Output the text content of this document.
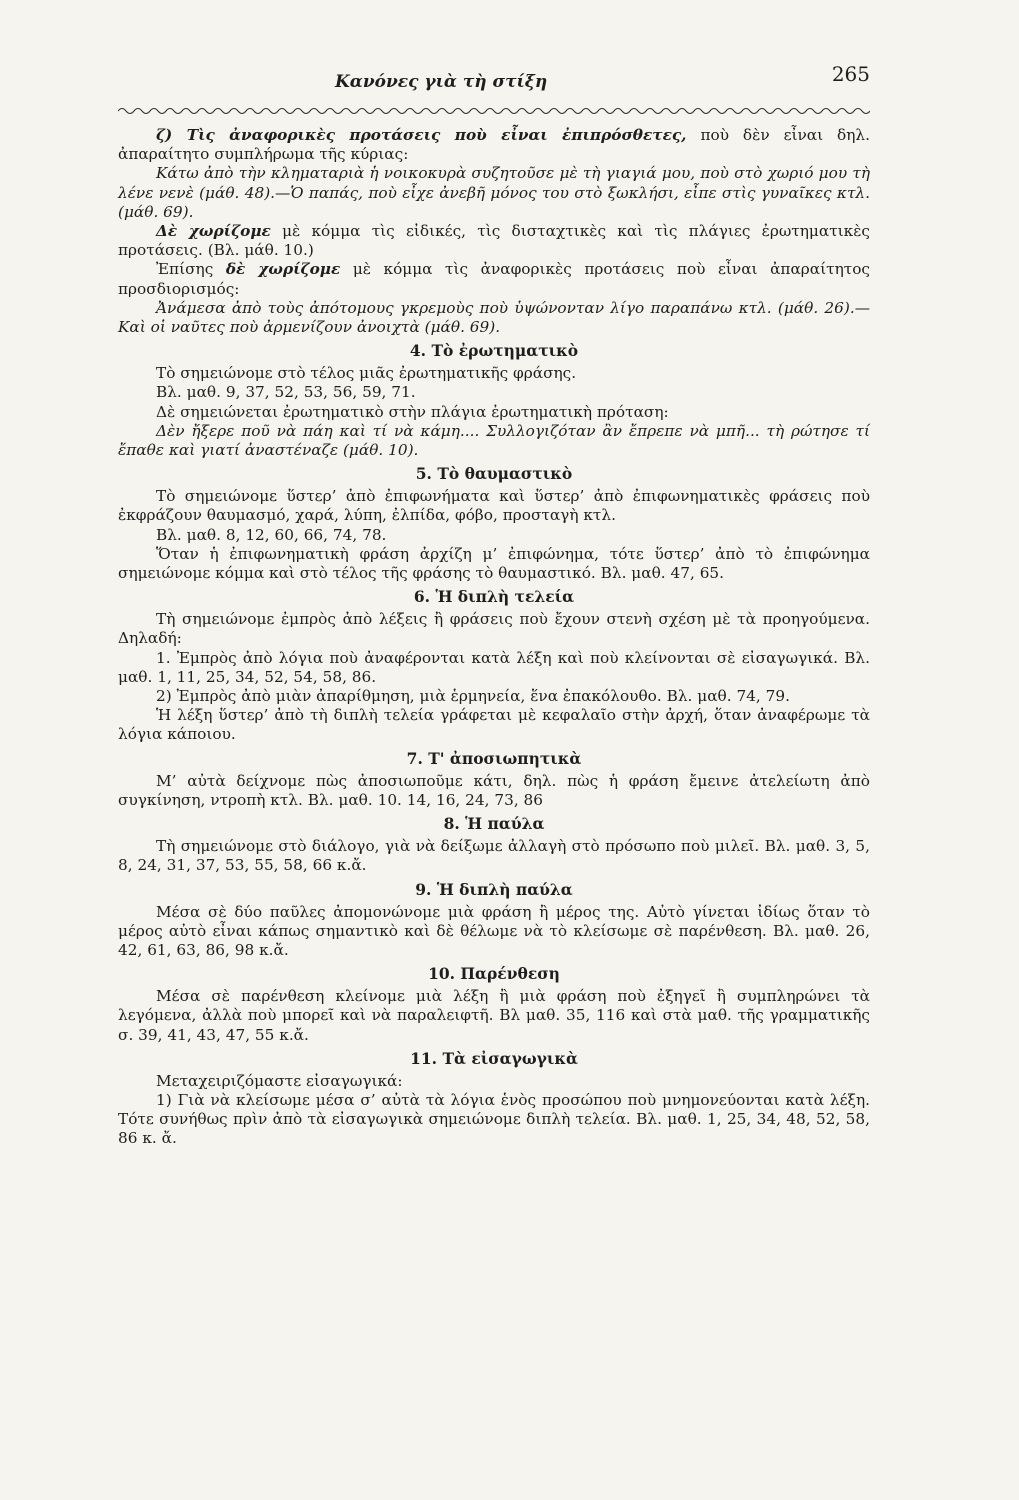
Κανόνες γιὰ τὴ στίξη	265

ζ) Τὶς ἀναφορικὲς προτάσεις ποὺ εἶναι ἐπιπρόσθετες, ποὺ δὲν εἶναι δηλ. ἀπαραίτητο συμπλήρωμα τῆς κύριας:

Κάτω ἀπὸ τὴν κληματαριὰ ἡ νοικοκυρὰ συζητοῦσε μὲ τὴ γιαγιά μου, ποὺ στὸ χωριό μου τὴ λένε νενὲ (μάθ. 48).—Ὁ παπάς, ποὺ εἶχε ἀνεβῆ μόνος του στὸ ξωκλήσι, εἶπε στὶς γυναῖκες κτλ. (μάθ. 69).

Δὲ χωρίζομε μὲ κόμμα τὶς εἰδικές, τὶς δισταχτικὲς καὶ τὶς πλάγιες ἐρωτηματικὲς προτάσεις. (Βλ. μάθ. 10.)

Ἐπίσης δὲ χωρίζομε μὲ κόμμα τὶς ἀναφορικὲς προτάσεις ποὺ εἶναι ἀπαραίτητος προσδιορισμός:

Ἀνάμεσα ἀπὸ τοὺς ἀπότομους γκρεμοὺς ποὺ ὑψώνονταν λίγο παραπάνω κτλ. (μάθ. 26).—Καὶ οἱ ναῦτες ποὺ ἀρμενίζουν ἀνοιχτὰ (μάθ. 69).

4. Τὸ ἐρωτηματικὸ

Τὸ σημειώνομε στὸ τέλος μιᾶς ἐρωτηματικῆς φράσης.

Βλ. μαθ. 9, 37, 52, 53, 56, 59, 71.

Δὲ σημειώνεται ἐρωτηματικὸ στὴν πλάγια ἐρωτηματικὴ πρόταση:

Δὲν ἤξερε ποῦ νὰ πάη καὶ τί νὰ κάμη.... Συλλογιζόταν ἂν ἔπρεπε νὰ μπῆ... τὴ ρώτησε τί ἔπαθε καὶ γιατί ἀναστέναζε (μάθ. 10).

5. Τὸ θαυμαστικὸ

Τὸ σημειώνομε ὕστερ’ ἀπὸ ἐπιφωνήματα καὶ ὕστερ’ ἀπὸ ἐπιφωνηματικὲς φράσεις ποὺ ἐκφράζουν θαυμασμό, χαρά, λύπη, ἐλπίδα, φόβο, προσταγὴ κτλ.

Βλ. μαθ. 8, 12, 60, 66, 74, 78.

Ὅταν ἡ ἐπιφωνηματικὴ φράση ἀρχίζη μ’ ἐπιφώνημα, τότε ὕστερ’ ἀπὸ τὸ ἐπιφώνημα σημειώνομε κόμμα καὶ στὸ τέλος τῆς φράσης τὸ θαυμαστικό. Βλ. μαθ. 47, 65.

6. Ἡ διπλὴ τελεία

Τὴ σημειώνομε ἐμπρὸς ἀπὸ λέξεις ἢ φράσεις ποὺ ἔχουν στενὴ σχέση μὲ τὰ προηγούμενα. Δηλαδή:

1. Ἐμπρὸς ἀπὸ λόγια ποὺ ἀναφέρονται κατὰ λέξη καὶ ποὺ κλείνονται σὲ εἰσαγωγικά. Βλ. μαθ. 1, 11, 25, 34, 52, 54, 58, 86.

2) Ἐμπρὸς ἀπὸ μιὰν ἀπαρίθμηση, μιὰ ἑρμηνεία, ἕνα ἐπακόλουθο. Βλ. μαθ. 74, 79.

Ἡ λέξη ὕστερ’ ἀπὸ τὴ διπλὴ τελεία γράφεται μὲ κεφαλαῖο στὴν ἀρχή, ὅταν ἀναφέρωμε τὰ λόγια κάποιου.

7. Τ' ἀποσιωπητικὰ

Μ’ αὐτὰ δείχνομε πὼς ἀποσιωποῦμε κάτι, δηλ. πὼς ἡ φράση ἔμεινε ἀτελείωτη ἀπὸ συγκίνηση, ντροπὴ κτλ. Βλ. μαθ. 10. 14, 16, 24, 73, 86

8. Ἡ παύλα

Τὴ σημειώνομε στὸ διάλογο, γιὰ νὰ δείξωμε ἀλλαγὴ στὸ πρόσωπο ποὺ μιλεῖ. Βλ. μαθ. 3, 5, 8, 24, 31, 37, 53, 55, 58, 66 κ.ἄ.

9. Ἡ διπλὴ παύλα

Μέσα σὲ δύο παῦλες ἀπομονώνομε μιὰ φράση ἢ μέρος της. Αὐτὸ γίνεται ἰδίως ὅταν τὸ μέρος αὐτὸ εἶναι κάπως σημαντικὸ καὶ δὲ θέλωμε νὰ τὸ κλείσωμε σὲ παρένθεση. Βλ. μαθ. 26, 42, 61, 63, 86, 98 κ.ἄ.

10. Παρένθεση

Μέσα σὲ παρένθεση κλείνομε μιὰ λέξη ἢ μιὰ φράση ποὺ ἐξηγεῖ ἢ συμπληρώνει τὰ λεγόμενα, ἀλλὰ ποὺ μπορεῖ καὶ νὰ παραλειφτῆ. Βλ μαθ. 35, 116 καὶ στὰ μαθ. τῆς γραμματικῆς σ. 39, 41, 43, 47, 55 κ.ἄ.

11. Τὰ εἰσαγωγικὰ

Μεταχειριζόμαστε εἰσαγωγικά:

1) Γιὰ νὰ κλείσωμε μέσα σ’ αὐτὰ τὰ λόγια ἑνὸς προσώπου ποὺ μνημονεύονται κατὰ λέξη. Τότε συνήθως πρὶν ἀπὸ τὰ εἰσαγωγικὰ σημειώνομε διπλὴ τελεία. Βλ. μαθ. 1, 25, 34, 48, 52, 58, 86 κ. ἄ.
